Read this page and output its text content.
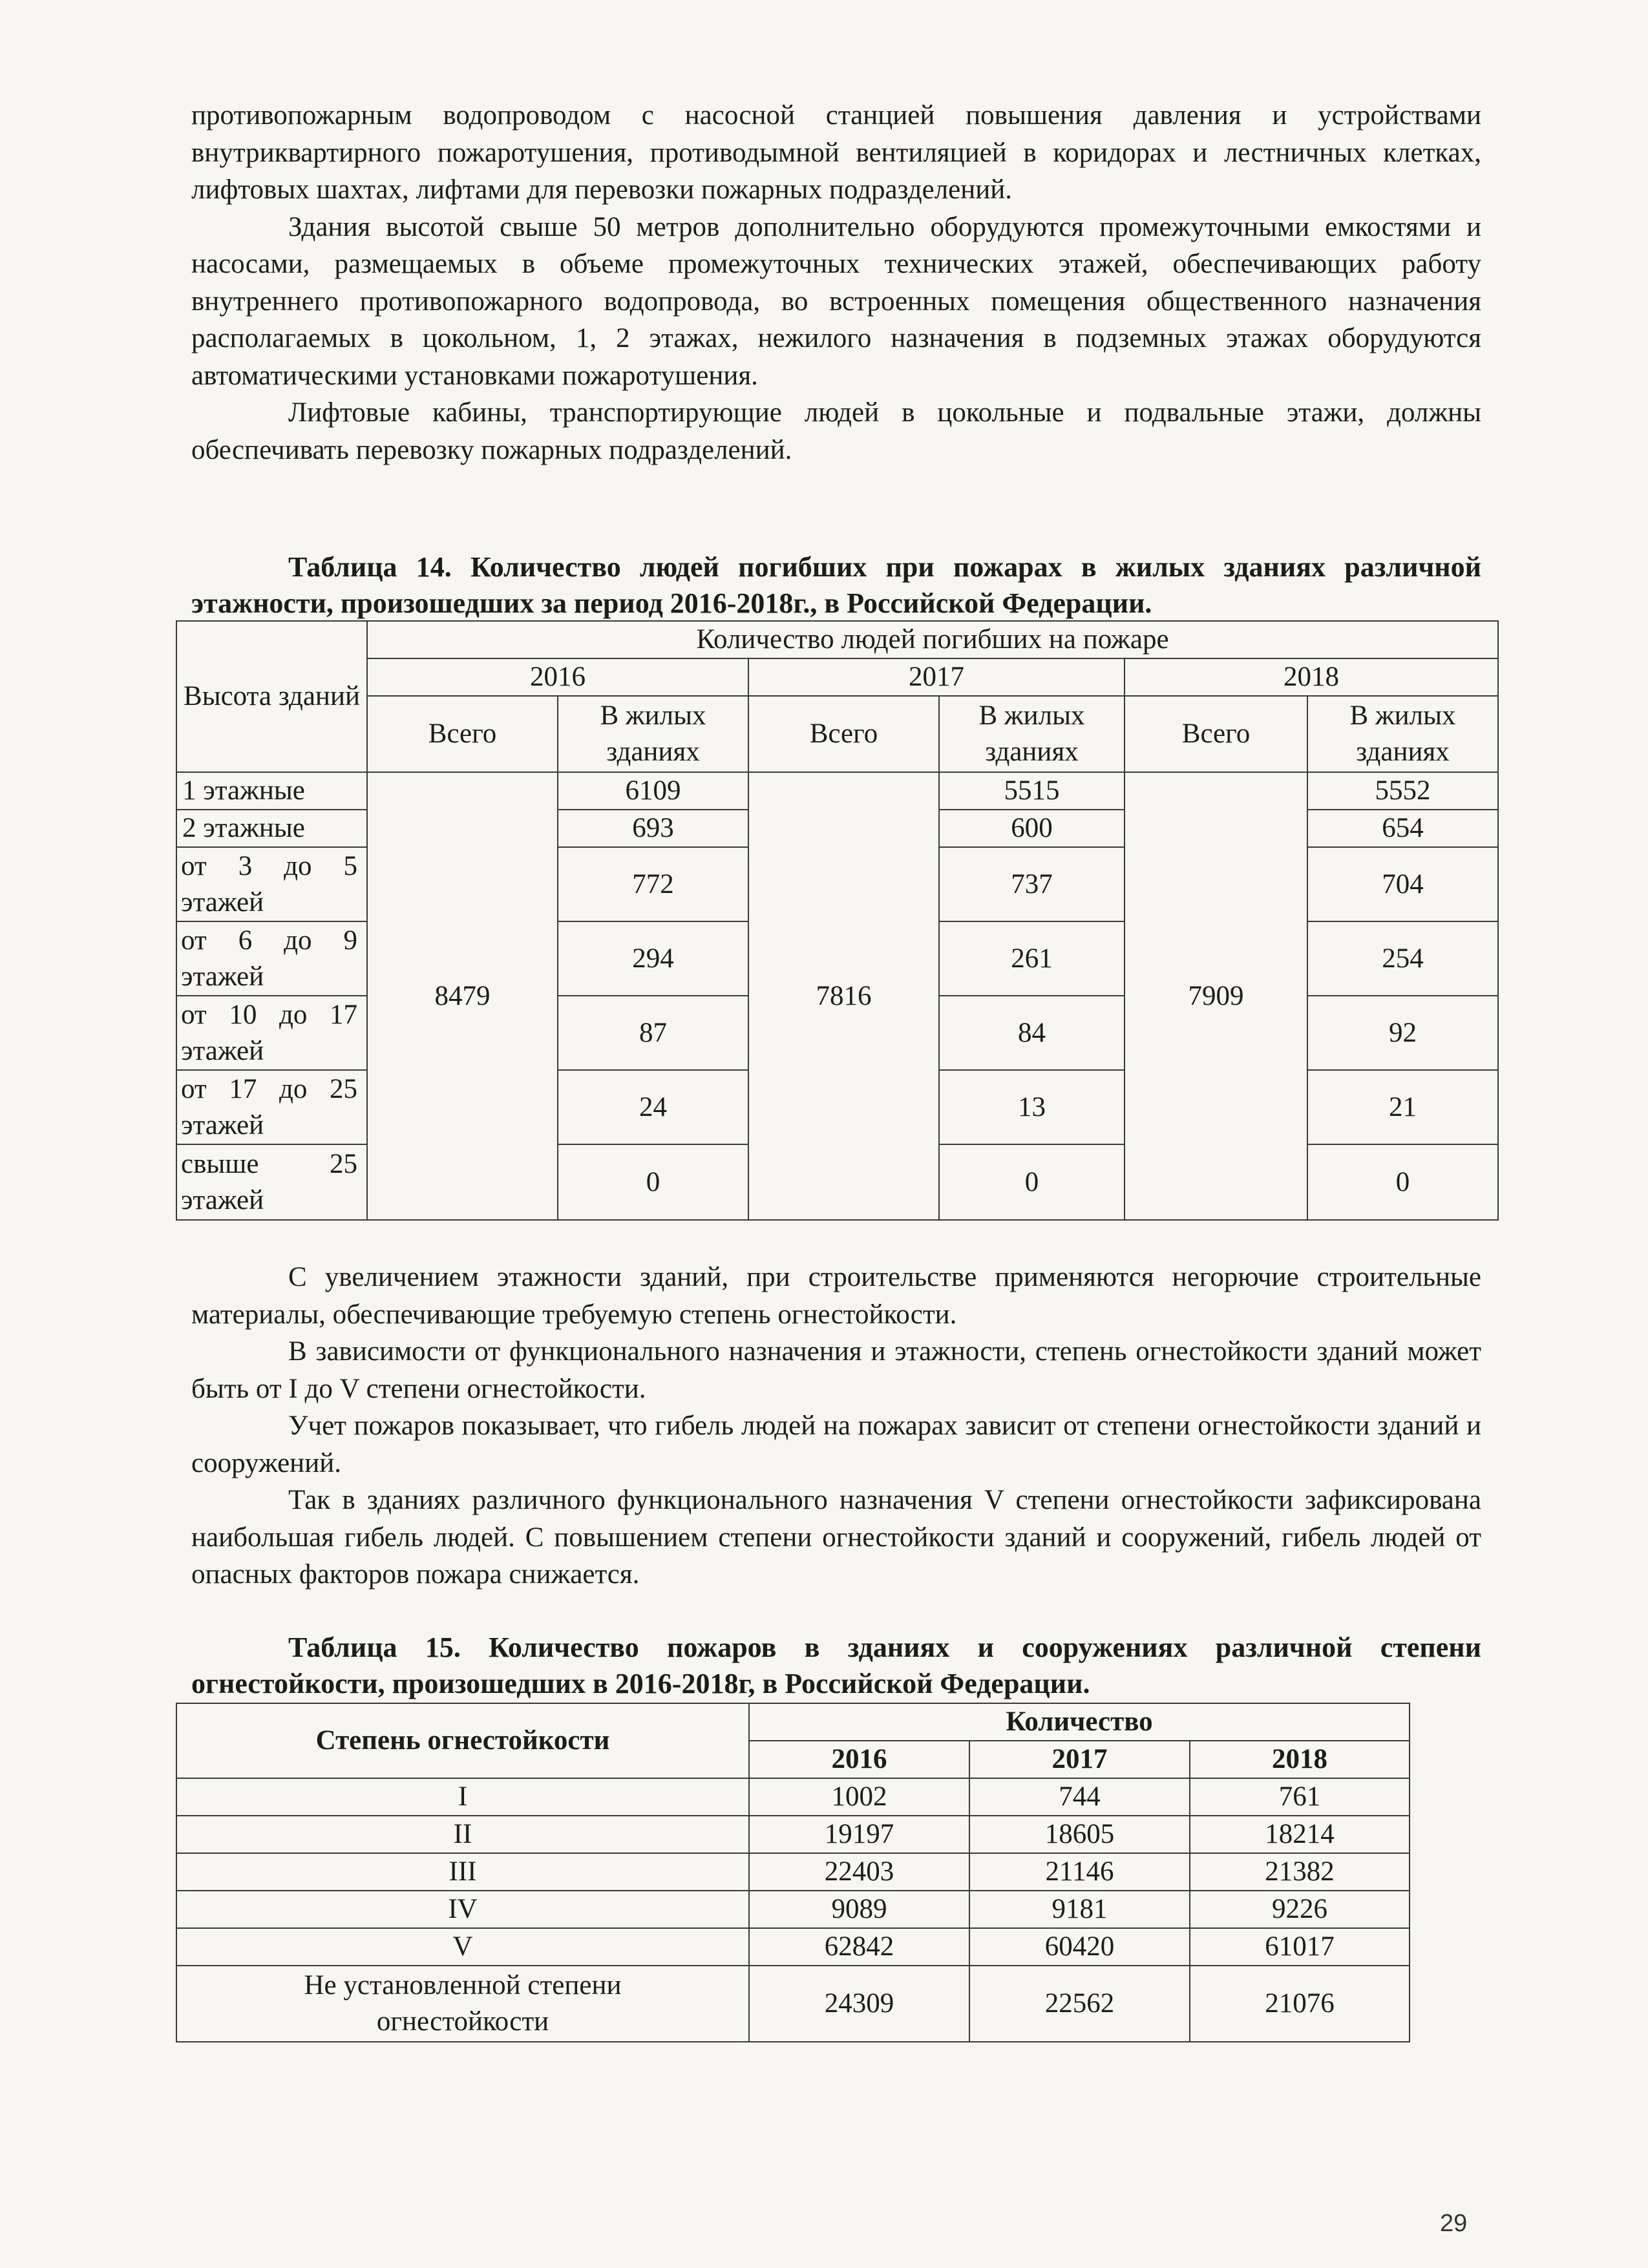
противопожарным водопроводом с насосной станцией повышения давления и устройствами внутриквартирного пожаротушения, противодымной вентиляцией в коридорах и лестничных клетках, лифтовых шахтах, лифтами для перевозки пожарных подразделений.

Здания высотой свыше 50 метров дополнительно оборудуются промежуточными емкостями и насосами, размещаемых в объеме промежуточных технических этажей, обеспечивающих работу внутреннего противопожарного водопровода, во встроенных помещения общественного назначения располагаемых в цокольном, 1, 2 этажах, нежилого назначения в подземных этажах оборудуются автоматическими установками пожаротушения.

Лифтовые кабины, транспортирующие людей в цокольные и подвальные этажи, должны обеспечивать перевозку пожарных подразделений.

Таблица 14. Количество людей погибших при пожарах в жилых зданиях различной этажности, произошедших за период 2016-2018г., в Российской Федерации.

Высота зданий	Количество людей погибших на пожаре					
	2016		2017		2018	
	Всего	В жилых зданиях	Всего	В жилых зданиях	Всего	В жилых зданиях
1 этажные	8479	6109	7816	5515	7909	5552
2 этажные		693		600		654
от 3 до 5 этажей		772		737		704
от 6 до 9 этажей		294		261		254
от 10 до 17 этажей		87		84		92
от 17 до 25 этажей		24		13		21
свыше 25 этажей		0		0		0

С увеличением этажности зданий, при строительстве применяются негорючие строительные материалы, обеспечивающие требуемую степень огнестойкости.

В зависимости от функционального назначения и этажности, степень огнестойкости зданий может быть от I до V степени огнестойкости.

Учет пожаров показывает, что гибель людей на пожарах зависит от степени огнестойкости зданий и сооружений.

Так в зданиях различного функционального назначения V степени огнестойкости зафиксирована наибольшая гибель людей. С повышением степени огнестойкости зданий и сооружений, гибель людей от опасных факторов пожара снижается.

Таблица 15. Количество пожаров в зданиях и сооружениях различной степени огнестойкости, произошедших в 2016-2018г, в Российской Федерации.

Степень огнестойкости	Количество		
	2016	2017	2018
I	1002	744	761
II	19197	18605	18214
III	22403	21146	21382
IV	9089	9181	9226
V	62842	60420	61017
Не установленной степени огнестойкости	24309	22562	21076
29
